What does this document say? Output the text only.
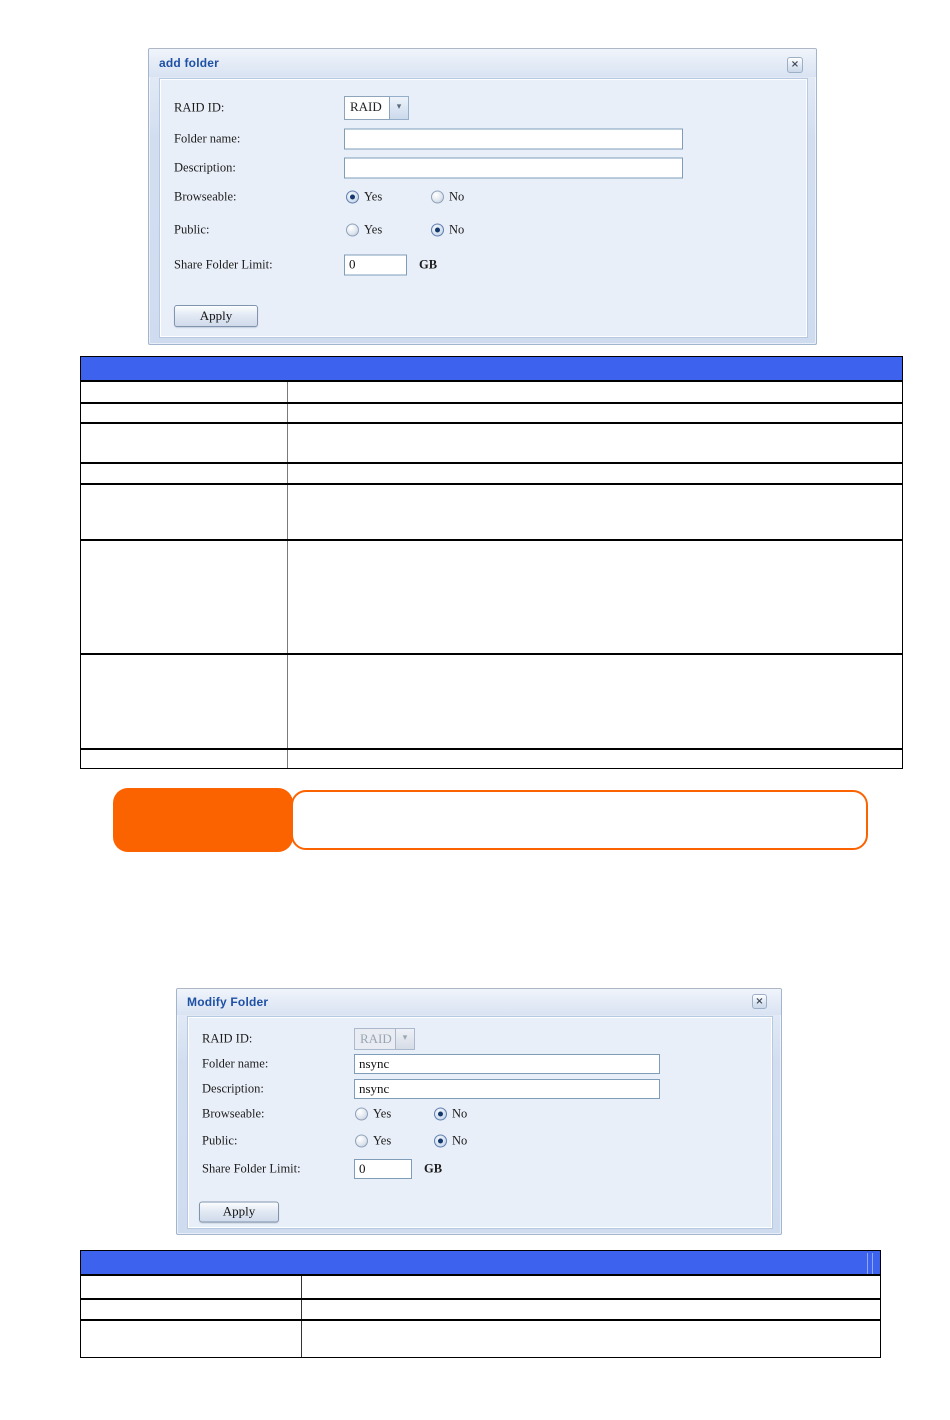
add folder	×
RAID ID:	RAID	▾
Folder name:
Description:
Browseable:	Yes	No
Public:	Yes	No
Share Folder Limit:
0	GB
Apply
Modify Folder	×
RAID ID:	RAID	▾
Folder name:
nsync
Description:
nsync
Browseable:	Yes	No
Public:	Yes	No
Share Folder Limit:
0	GB
Apply
